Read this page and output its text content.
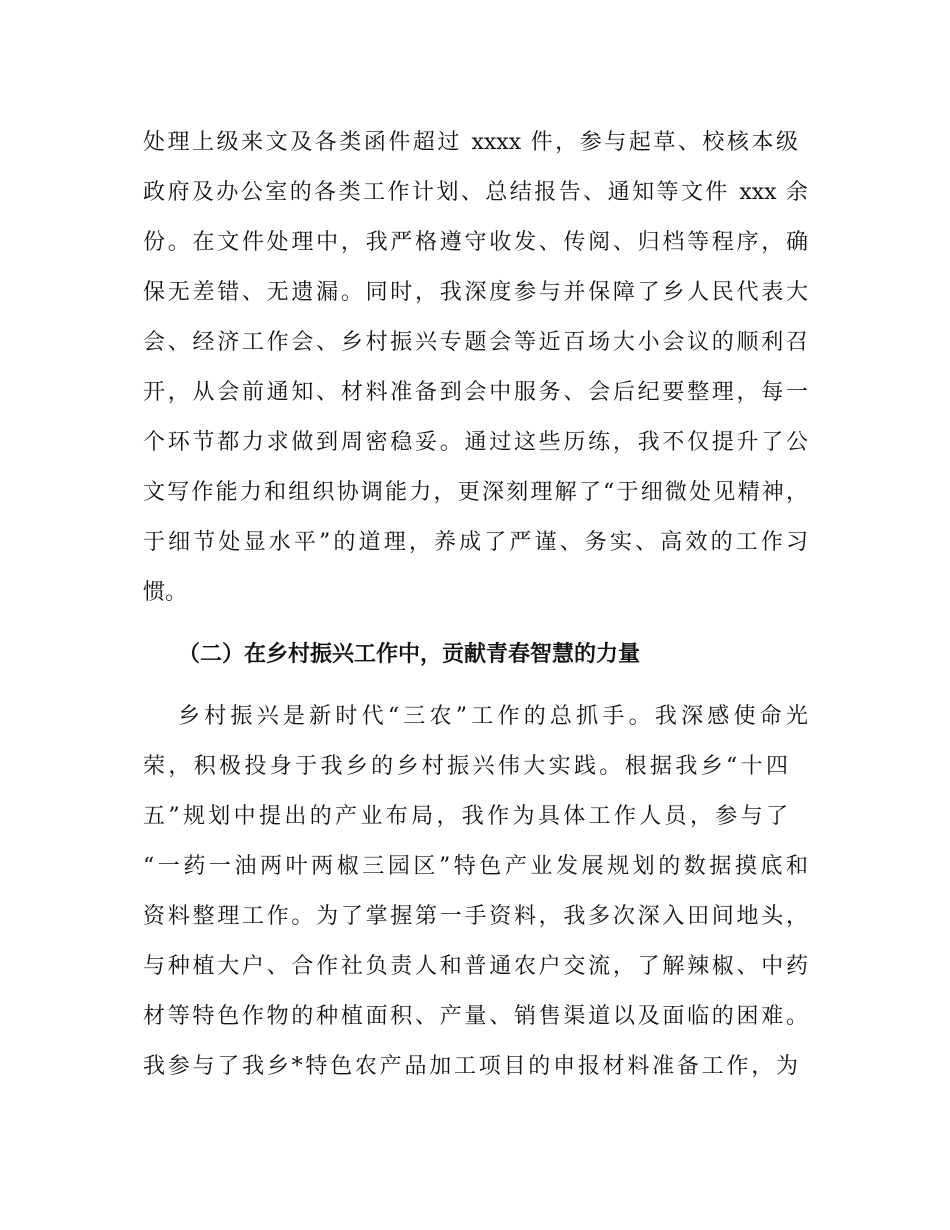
处理上级来文及各类函件超过 xxxx 件，参与起草、校核本级
政府及办公室的各类工作计划、总结报告、通知等文件 xxx 余
份。在文件处理中，我严格遵守收发、传阅、归档等程序，确
保无差错、无遗漏。同时，我深度参与并保障了乡人民代表大
会、经济工作会、乡村振兴专题会等近百场大小会议的顺利召
开，从会前通知、材料准备到会中服务、会后纪要整理，每一
个环节都力求做到周密稳妥。通过这些历练，我不仅提升了公
文写作能力和组织协调能力，更深刻理解了“于细微处见精神，
于细节处显水平”的道理，养成了严谨、务实、高效的工作习
惯。
（二）在乡村振兴工作中，贡献青春智慧的力量
乡村振兴是新时代“三农”工作的总抓手。我深感使命光
荣，积极投身于我乡的乡村振兴伟大实践。根据我乡“十四
五”规划中提出的产业布局，我作为具体工作人员，参与了
“一药一油两叶两椒三园区”特色产业发展规划的数据摸底和
资料整理工作。为了掌握第一手资料，我多次深入田间地头，
与种植大户、合作社负责人和普通农户交流，了解辣椒、中药
材等特色作物的种植面积、产量、销售渠道以及面临的困难。
我参与了我乡*特色农产品加工项目的申报材料准备工作，为
